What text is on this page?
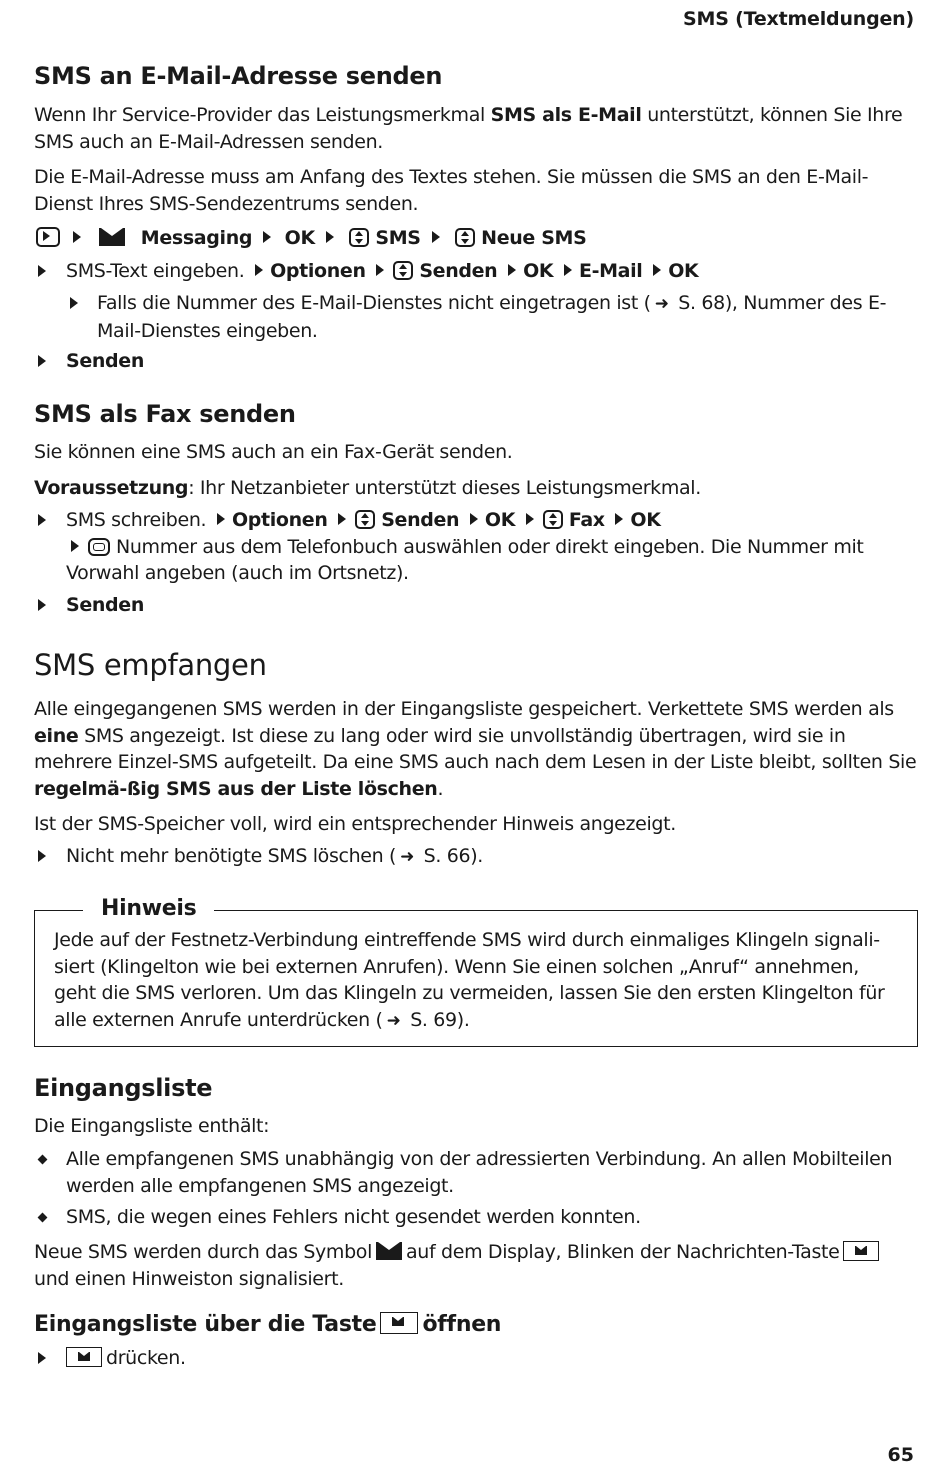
SMS (Textmeldungen)
SMS an E-Mail-Adresse senden
Wenn Ihr Service-Provider das Leistungsmerkmal SMS als E-Mail unterstützt, können Sie Ihre SMS auch an E-Mail-Adressen senden.
Die E-Mail-Adresse muss am Anfang des Textes stehen. Sie müssen die SMS an den E-Mail-Dienst Ihres SMS-Sendezentrums senden.
Messaging OK	SMS	Neue SMS
SMS-Text eingeben. Optionen	Senden OK E-Mail OK
Falls die Nummer des E-Mail-Dienstes nicht eingetragen ist ( ➜ S. 68), Nummer des E-Mail-Dienstes eingeben.
Senden
SMS als Fax senden
Sie können eine SMS auch an ein Fax-Gerät senden.
Voraussetzung: Ihr Netzanbieter unterstützt dieses Leistungsmerkmal.
SMS schreiben. Optionen	Senden OK	Fax OK
Nummer aus dem Telefonbuch auswählen oder direkt eingeben. Die Nummer mit Vorwahl angeben (auch im Ortsnetz).
Senden
SMS empfangen
Alle eingegangenen SMS werden in der Eingangsliste gespeichert. Verkettete SMS werden als eine SMS angezeigt. Ist diese zu lang oder wird sie unvollständig übertragen, wird sie in mehrere Einzel-SMS aufgeteilt. Da eine SMS auch nach dem Lesen in der Liste bleibt, sollten Sie regelmä-ßig SMS aus der Liste löschen.
Ist der SMS-Speicher voll, wird ein entsprechender Hinweis angezeigt.
Nicht mehr benötigte SMS löschen ( ➜ S. 66).
Hinweis
Jede auf der Festnetz-Verbindung eintreffende SMS wird durch einmaliges Klingeln signali-siert (Klingelton wie bei externen Anrufen). Wenn Sie einen solchen „Anruf“ annehmen, geht die SMS verloren. Um das Klingeln zu vermeiden, lassen Sie den ersten Klingelton für alle externen Anrufe unterdrücken ( ➜ S. 69).
Eingangsliste
Die Eingangsliste enthält:
Alle empfangenen SMS unabhängig von der adressierten Verbindung. An allen Mobilteilen werden alle empfangenen SMS angezeigt.
SMS, die wegen eines Fehlers nicht gesendet werden konnten.
Neue SMS werden durch das Symbol auf dem Display, Blinken der Nachrichten-Taste
und einen Hinweiston signalisiert.
Eingangsliste über die Taste öffnen
drücken.
65
